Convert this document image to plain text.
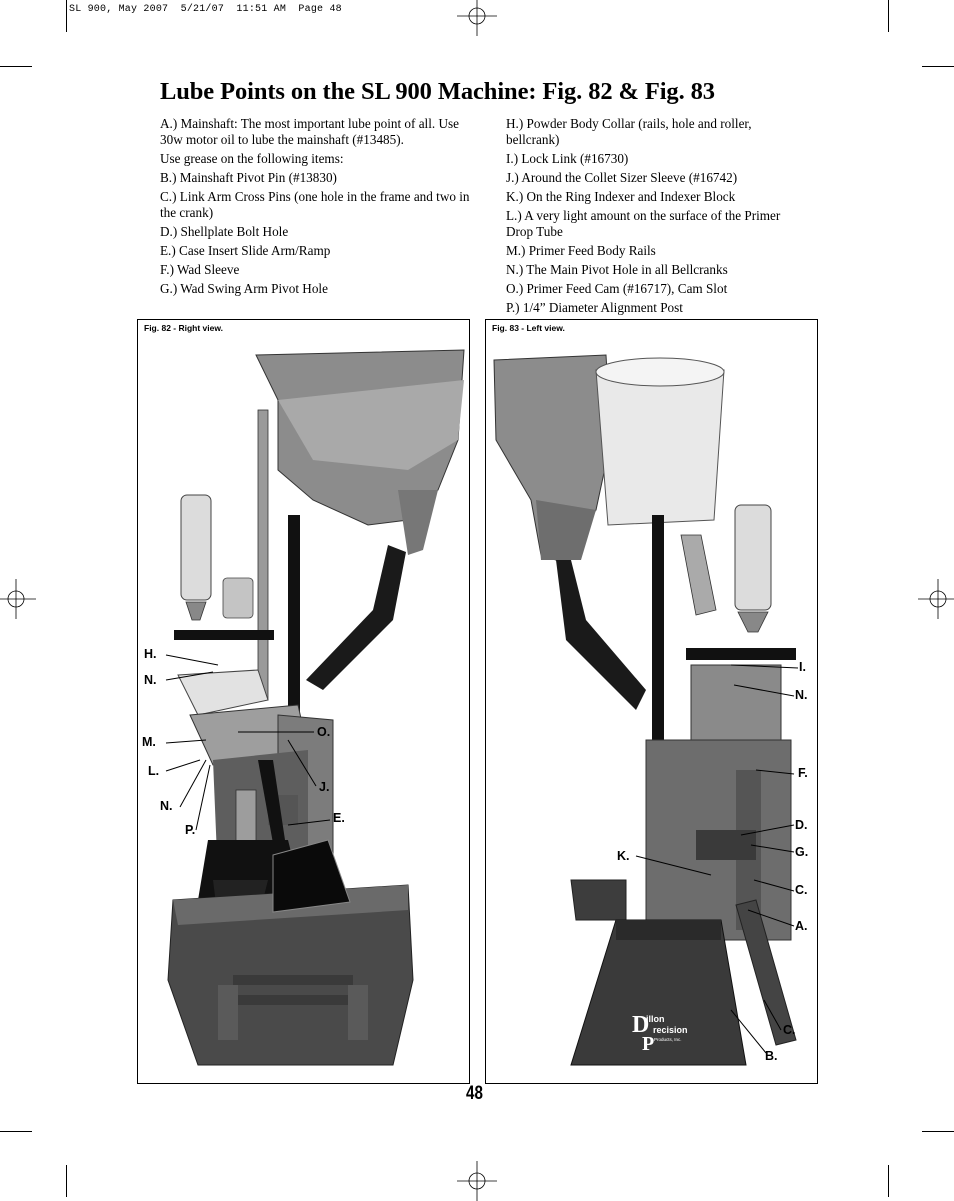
SL 900, May 2007  5/21/07  11:51 AM  Page 48
Lube Points on the SL 900 Machine: Fig. 82 & Fig. 83

A.) Mainshaft: The most important lube point of all. Use 30w motor oil to lube the mainshaft (#13485).

Use grease on the following items:

B.) Mainshaft Pivot Pin (#13830)

C.) Link Arm Cross Pins (one hole in the frame and two in the crank)

D.) Shellplate Bolt Hole

E.) Case Insert Slide Arm/Ramp

F.) Wad Sleeve

G.) Wad Swing Arm Pivot Hole

H.) Powder Body Collar (rails, hole and roller, bellcrank)

I.) Lock Link (#16730)

J.) Around the Collet Sizer Sleeve (#16742)

K.) On the Ring Indexer and Indexer Block

L.) A very light amount on the surface of the Primer Drop Tube

M.) Primer Feed Body Rails

N.) The Main Pivot Hole in all Bellcranks

O.) Primer Feed Cam (#16717), Cam Slot

P.) 1/4” Diameter Alignment Post

Fig. 82 - Right view.
H.
N.
M.
L.
N.
P.
O.
J.
E.
D
P
illon
recision
Products, Inc.
Fig. 83 - Left view.
I.
N.
F.
D.
K.	G.
C.
A.
C.
B.
48
